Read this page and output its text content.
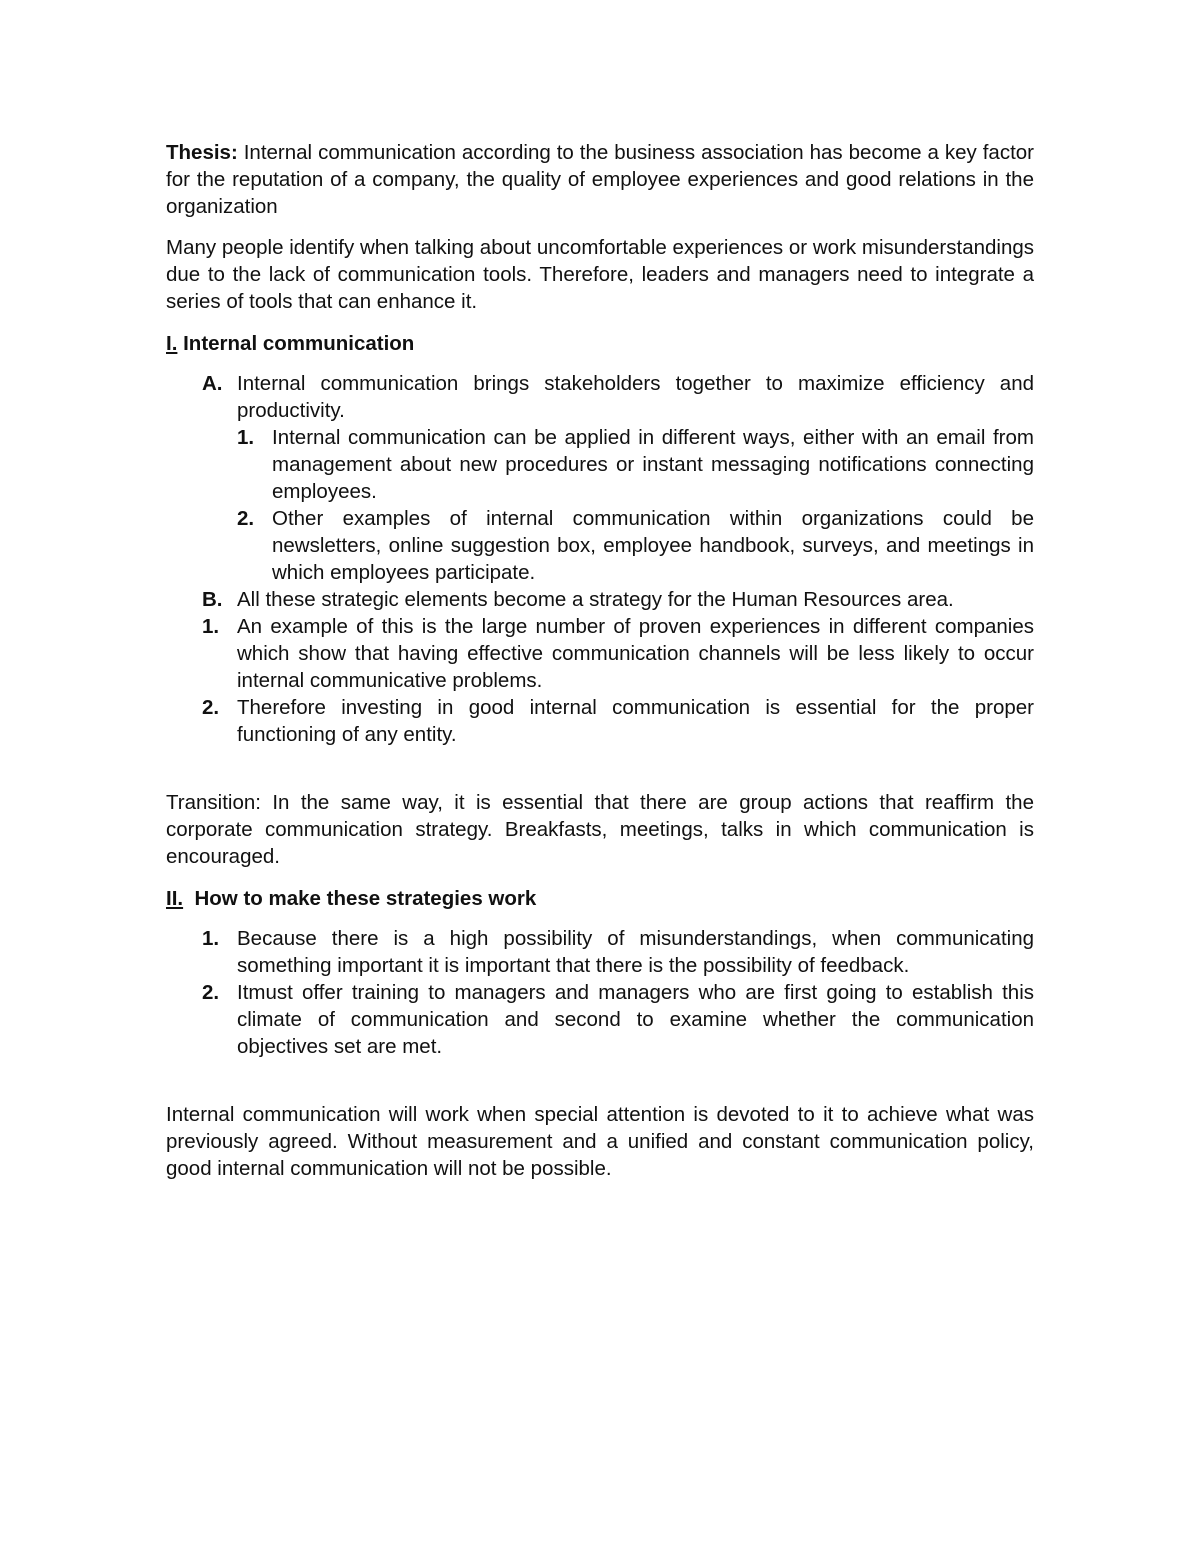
Thesis: Internal communication according to the business association has become a key factor for the reputation of a company, the quality of employee experiences and good relations in the organization

Many people identify when talking about uncomfortable experiences or work misunderstandings due to the lack of communication tools. Therefore, leaders and managers need to integrate a series of tools that can enhance it.

I. Internal communication

A. Internal communication brings stakeholders together to maximize efficiency and productivity.
1. Internal communication can be applied in different ways, either with an email from management about new procedures or instant messaging notifications connecting employees.
2. Other examples of internal communication within organizations could be newsletters, online suggestion box, employee handbook, surveys, and meetings in which employees participate.
B. All these strategic elements become a strategy for the Human Resources area.
1. An example of this is the large number of proven experiences in different companies which show that having effective communication channels will be less likely to occur internal communicative problems.
2. Therefore investing in good internal communication is essential for the proper functioning of any entity.

Transition: In the same way, it is essential that there are group actions that reaffirm the corporate communication strategy. Breakfasts, meetings, talks in which communication is encouraged.

II.  How to make these strategies work

1. Because there is a high possibility of misunderstandings, when communicating something important it is important that there is the possibility of feedback.
2. Itmust offer training to managers and managers who are first going to establish this climate of communication and second to examine whether the communication objectives set are met.

Internal communication will work when special attention is devoted to it to achieve what was previously agreed. Without measurement and a unified and constant communication policy, good internal communication will not be possible.
